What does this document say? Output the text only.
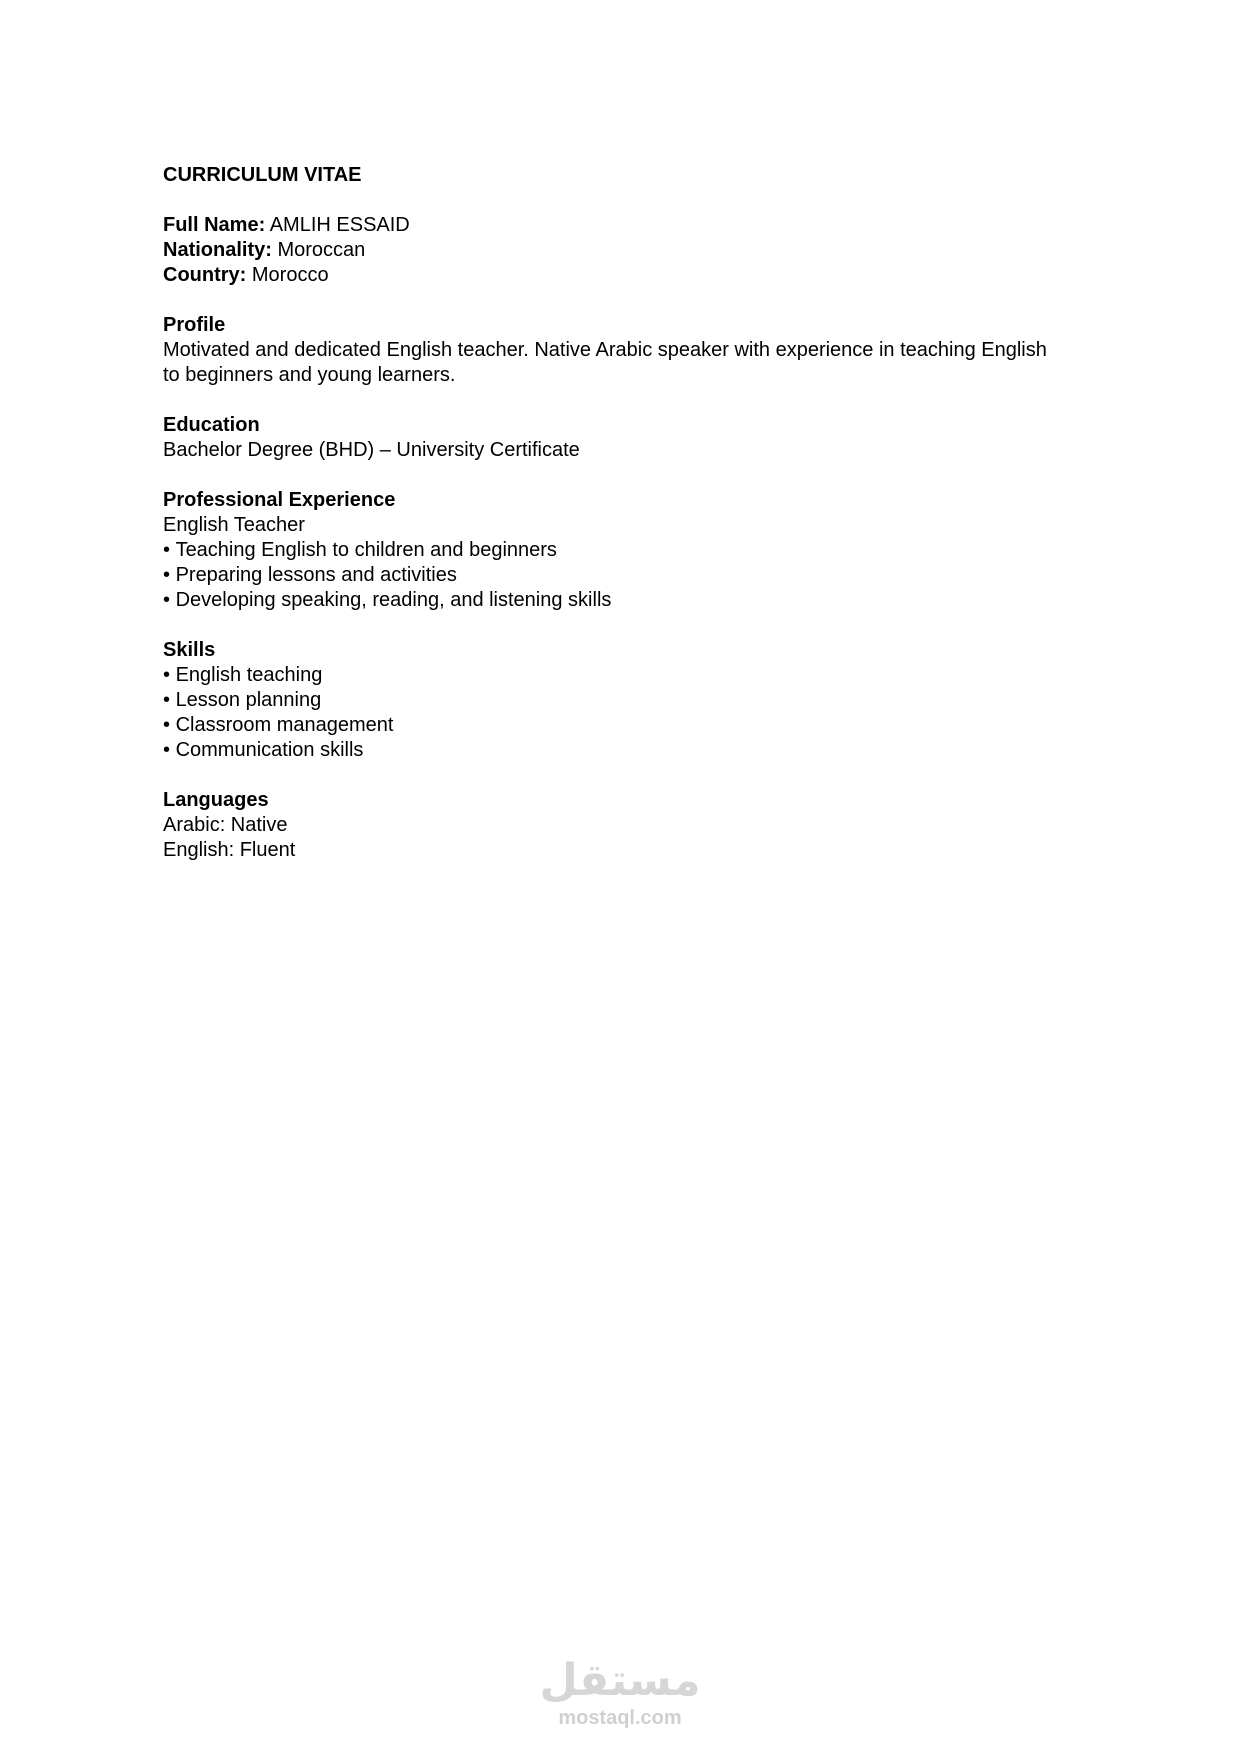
CURRICULUM VITAE
Full Name: AMLIH ESSAID
Nationality: Moroccan
Country: Morocco
Profile
Motivated and dedicated English teacher. Native Arabic speaker with experience in teaching English to beginners and young learners.
Education
Bachelor Degree (BHD) – University Certificate
Professional Experience
English Teacher
• Teaching English to children and beginners
• Preparing lessons and activities
• Developing speaking, reading, and listening skills
Skills
• English teaching
• Lesson planning
• Classroom management
• Communication skills
Languages
Arabic: Native
English: Fluent
مستقل
mostaql.com
